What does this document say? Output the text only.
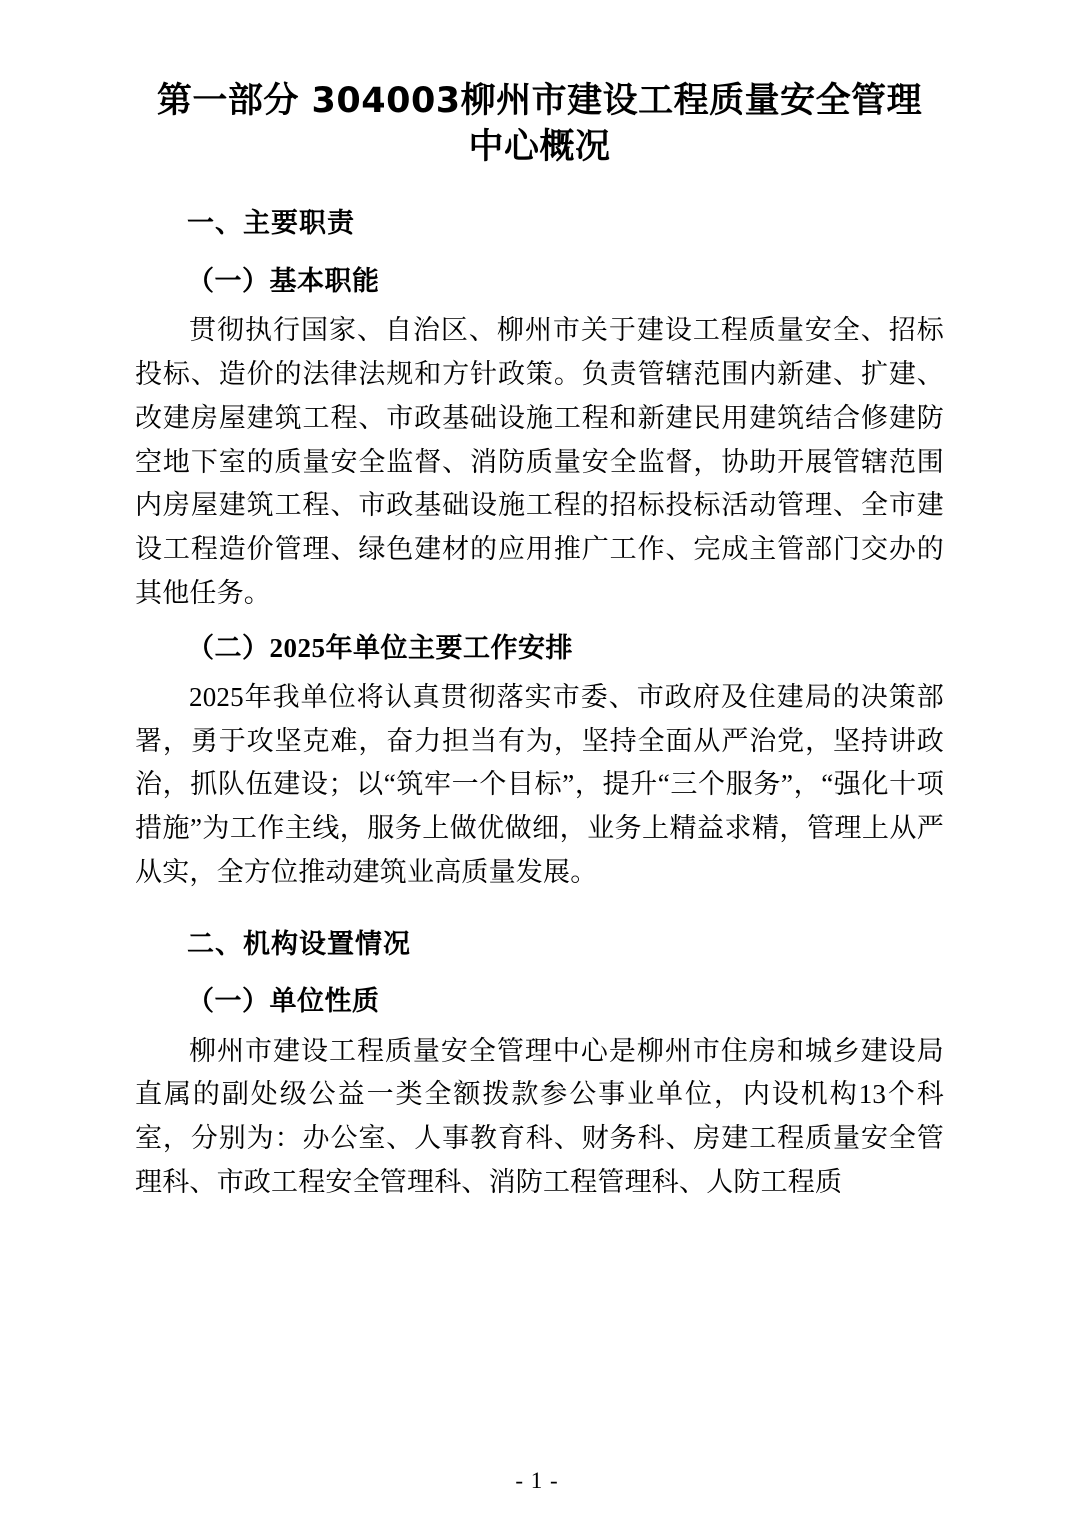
第一部分 304003柳州市建设工程质量安全管理中心概况
一、主要职责
（一）基本职能

贯彻执行国家、自治区、柳州市关于建设工程质量安全、招标投标、造价的法律法规和方针政策。负责管辖范围内新建、扩建、改建房屋建筑工程、市政基础设施工程和新建民用建筑结合修建防空地下室的质量安全监督、消防质量安全监督，协助开展管辖范围内房屋建筑工程、市政基础设施工程的招标投标活动管理、全市建设工程造价管理、绿色建材的应用推广工作、完成主管部门交办的其他任务。

（二）2025年单位主要工作安排

2025年我单位将认真贯彻落实市委、市政府及住建局的决策部署，勇于攻坚克难，奋力担当有为，坚持全面从严治党，坚持讲政治，抓队伍建设；以“筑牢一个目标”，提升“三个服务”，“强化十项措施”为工作主线，服务上做优做细，业务上精益求精，管理上从严从实，全方位推动建筑业高质量发展。

二、机构设置情况
（一）单位性质

柳州市建设工程质量安全管理中心是柳州市住房和城乡建设局直属的副处级公益一类全额拨款参公事业单位，内设机构13个科室，分别为：办公室、人事教育科、财务科、房建工程质量安全管理科、市政工程安全管理科、消防工程管理科、人防工程质

- 1 -
